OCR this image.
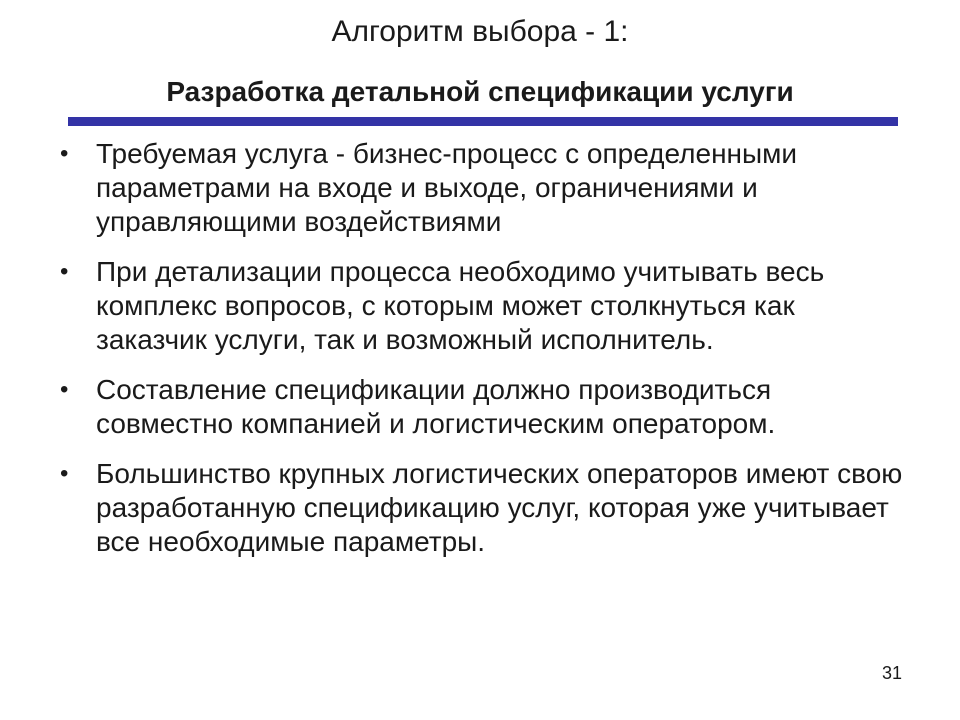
Алгоритм выбора - 1:
Разработка детальной спецификации услуги
• Требуемая услуга - бизнес-процесс с определенными параметрами на входе и выходе, ограничениями и управляющими воздействиями
• При детализации процесса необходимо учитывать весь комплекс вопросов, с которым может столкнуться как заказчик услуги, так и возможный исполнитель.
• Составление спецификации должно производиться совместно компанией и логистическим оператором.
• Большинство крупных логистических операторов имеют свою разработанную спецификацию услуг, которая уже учитывает все необходимые параметры.
31
